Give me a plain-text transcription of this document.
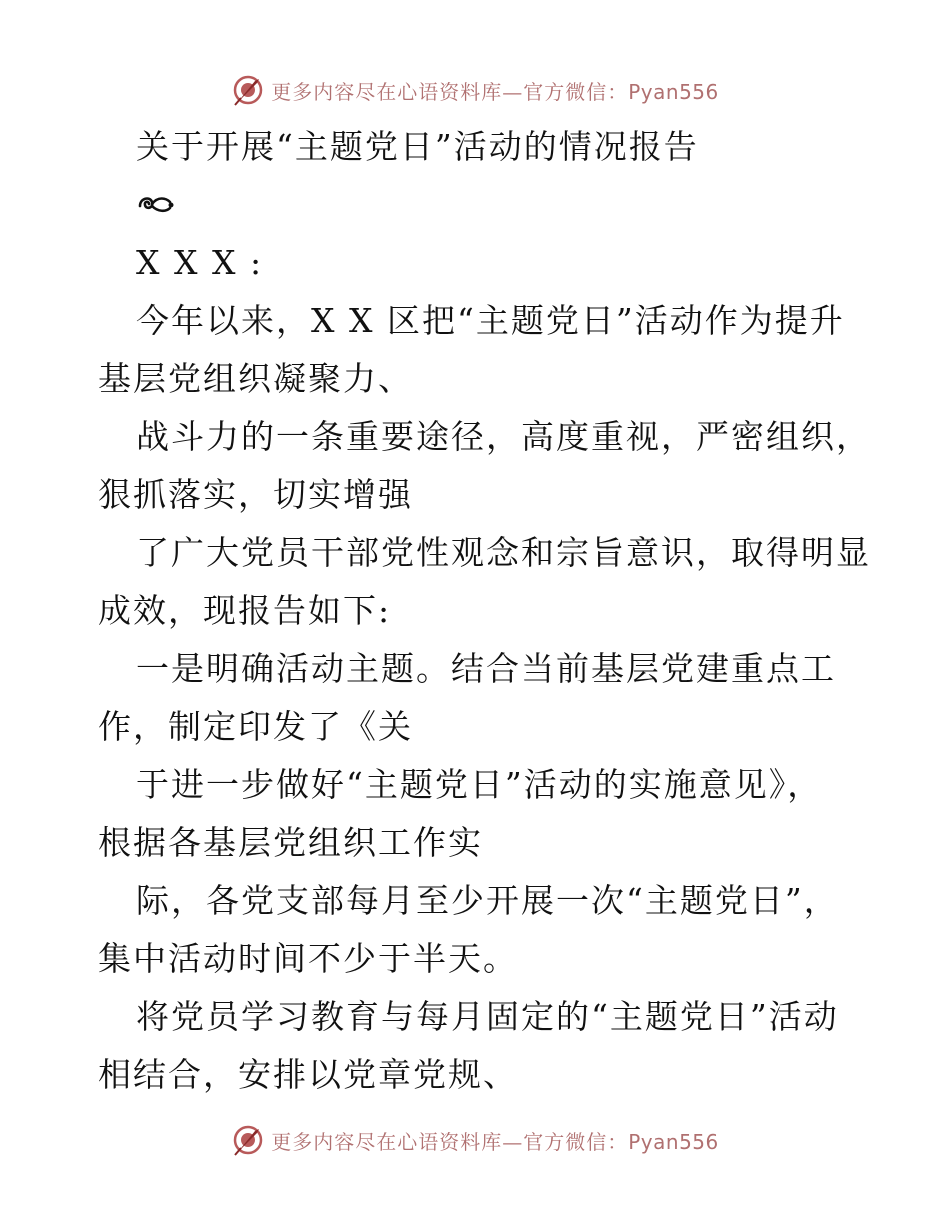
更多内容尽在心语资料库—官方微信：Pyan556
关于开展“主题党日”活动的情况报告
X X X :
今年以来，X X 区把“主题党日”活动作为提升
基层党组织凝聚力、
战斗力的一条重要途径，高度重视，严密组织，
狠抓落实，切实增强
了广大党员干部党性观念和宗旨意识，取得明显
成效，现报告如下:
一是明确活动主题。结合当前基层党建重点工
作，制定印发了《关
于进一步做好“主题党日”活动的实施意见》，
根据各基层党组织工作实
际，各党支部每月至少开展一次“主题党日”，
集中活动时间不少于半天。
将党员学习教育与每月固定的“主题党日”活动
相结合，安排以党章党规、
更多内容尽在心语资料库—官方微信：Pyan556
